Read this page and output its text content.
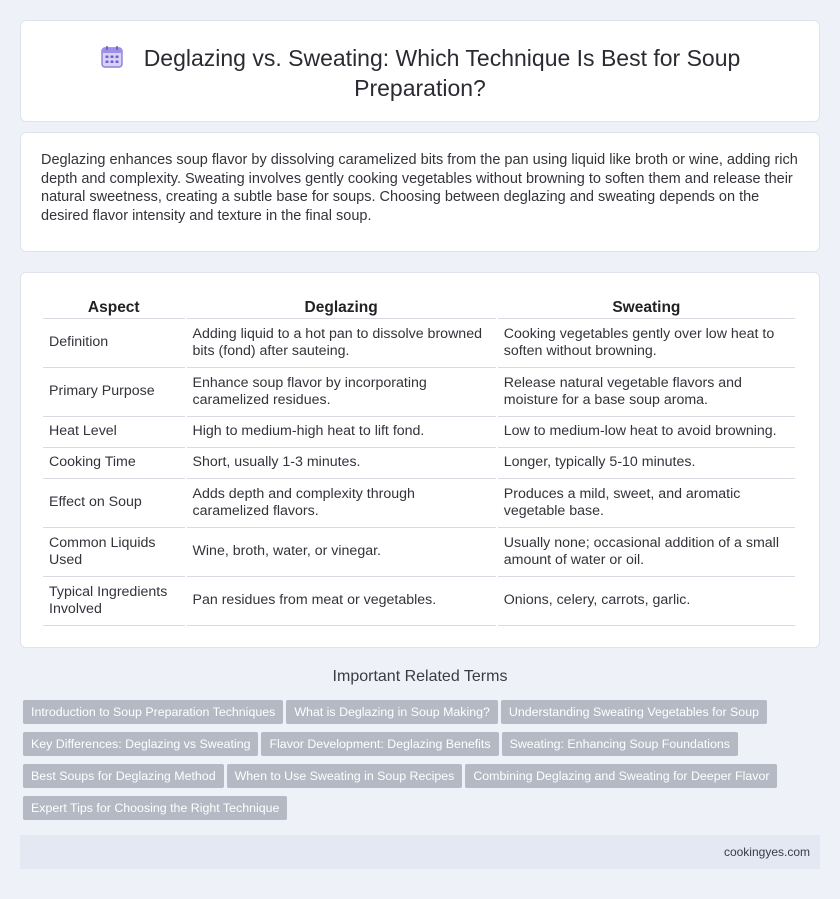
Deglazing vs. Sweating: Which Technique Is Best for Soup Preparation?

Deglazing enhances soup flavor by dissolving caramelized bits from the pan using liquid like broth or wine, adding rich depth and complexity. Sweating involves gently cooking vegetables without browning to soften them and release their natural sweetness, creating a subtle base for soups. Choosing between deglazing and sweating depends on the desired flavor intensity and texture in the final soup.

Aspect	Deglazing	Sweating
Definition	Adding liquid to a hot pan to dissolve browned bits (fond) after sauteing.	Cooking vegetables gently over low heat to soften without browning.
Primary Purpose	Enhance soup flavor by incorporating caramelized residues.	Release natural vegetable flavors and moisture for a base soup aroma.
Heat Level	High to medium-high heat to lift fond.	Low to medium-low heat to avoid browning.
Cooking Time	Short, usually 1-3 minutes.	Longer, typically 5-10 minutes.
Effect on Soup	Adds depth and complexity through caramelized flavors.	Produces a mild, sweet, and aromatic vegetable base.
Common Liquids Used	Wine, broth, water, or vinegar.	Usually none; occasional addition of a small amount of water or oil.
Typical Ingredients Involved	Pan residues from meat or vegetables.	Onions, celery, carrots, garlic.
Important Related Terms
Introduction to Soup Preparation Techniques What is Deglazing in Soup Making? Understanding Sweating Vegetables for Soup
Key Differences: Deglazing vs Sweating Flavor Development: Deglazing Benefits Sweating: Enhancing Soup Foundations
Best Soups for Deglazing Method When to Use Sweating in Soup Recipes Combining Deglazing and Sweating for Deeper Flavor
Expert Tips for Choosing the Right Technique
cookingyes.com
